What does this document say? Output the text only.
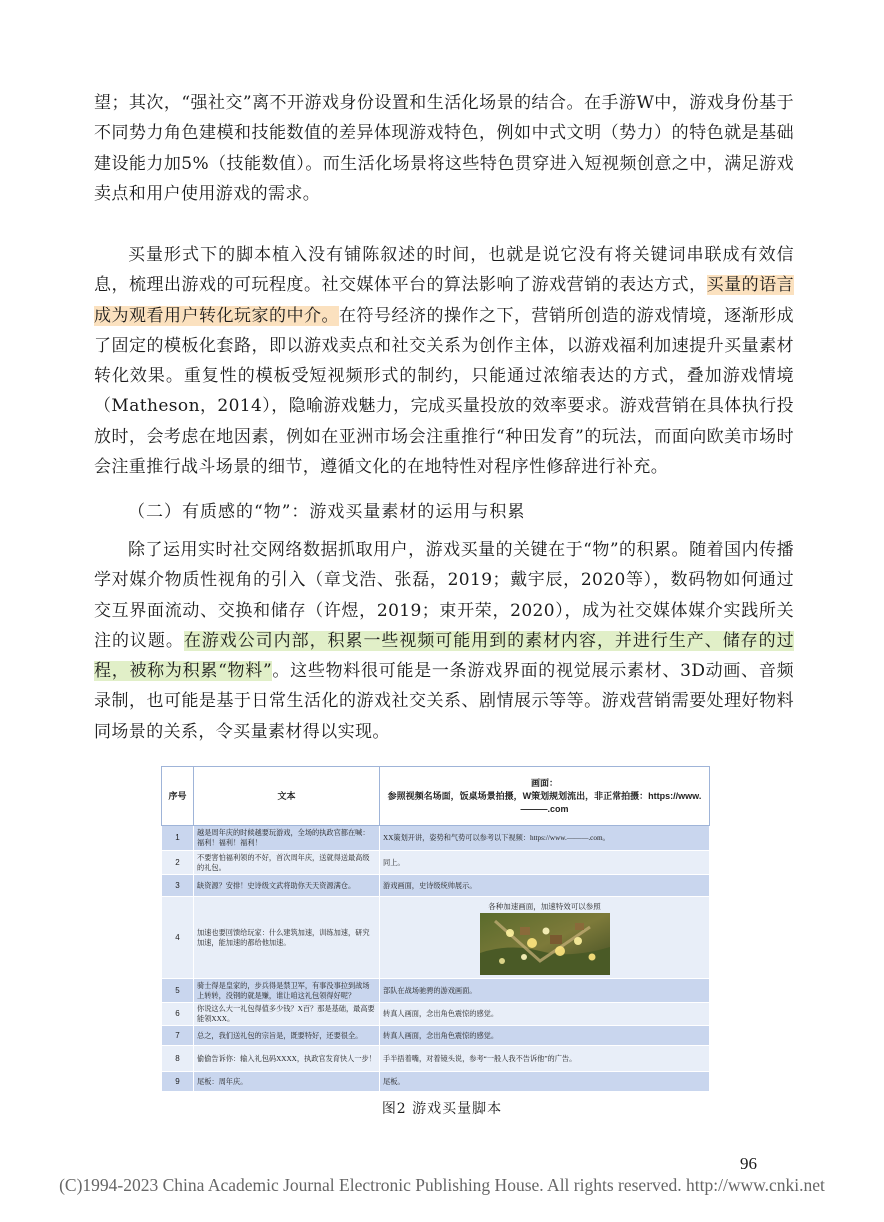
望；其次，“强社交”离不开游戏身份设置和生活化场景的结合。在手游W中，游戏身份基于不同势力角色建模和技能数值的差异体现游戏特色，例如中式文明（势力）的特色就是基础建设能力加5%（技能数值）。而生活化场景将这些特色贯穿进入短视频创意之中，满足游戏卖点和用户使用游戏的需求。

买量形式下的脚本植入没有铺陈叙述的时间，也就是说它没有将关键词串联成有效信息，梳理出游戏的可玩程度。社交媒体平台的算法影响了游戏营销的表达方式，买量的语言成为观看用户转化玩家的中介。在符号经济的操作之下，营销所创造的游戏情境，逐渐形成了固定的模板化套路，即以游戏卖点和社交关系为创作主体，以游戏福利加速提升买量素材转化效果。重复性的模板受短视频形式的制约，只能通过浓缩表达的方式，叠加游戏情境（Matheson，2014），隐喻游戏魅力，完成买量投放的效率要求。游戏营销在具体执行投放时，会考虑在地因素，例如在亚洲市场会注重推行“种田发育”的玩法，而面向欧美市场时会注重推行战斗场景的细节，遵循文化的在地特性对程序性修辞进行补充。

（二）有质感的“物”：游戏买量素材的运用与积累

除了运用实时社交网络数据抓取用户，游戏买量的关键在于“物”的积累。随着国内传播学对媒介物质性视角的引入（章戈浩、张磊，2019；戴宇辰，2020等），数码物如何通过交互界面流动、交换和储存（许煜，2019；束开荣，2020），成为社交媒体媒介实践所关注的议题。在游戏公司内部，积累一些视频可能用到的素材内容，并进行生产、储存的过程，被称为积累“物料”。这些物料很可能是一条游戏界面的视觉展示素材、3D动画、音频录制，也可能是基于日常生活化的游戏社交关系、剧情展示等等。游戏营销需要处理好物料同场景的关系，令买量素材得以实现。

序号	文本	画面：
参照视频名场面，饭桌场景拍摄，W策划规划流出，非正常拍摄：https://www.———.com
1	越是周年庆的时候越要玩游戏，全场的执政官都在喊：福利！福利！福利！	XX策划开讲，姿势和气势可以参考以下视频：https://www.———.com。
2	不要害怕福利领的不好，首次周年庆，送就得送最高级的礼包。	同上。
3	缺资源？安排！史诗级文武将助你天天资源满仓。	游戏画面，史诗级统帅展示。
4	加速也要回馈给玩家：什么建筑加速，训练加速，研究加速，能加速的都给他加速。	各种加速画面，加速特效可以参照

5	骑士得是皇家的，步兵得是禁卫军，有事没事拉到战场上转转，没钢的就是赚，谁让咱这礼包领得好呢？	部队在战场驰骋的游戏画面。
6	你说这么大一礼包得值多少钱？X百？那是基础，最高要能领XXX。	转真人画面，念出角色震惊的感觉。
7	总之，我们送礼包的宗旨是，既要特好，还要很全。	转真人画面，念出角色震惊的感觉。
8	偷偷告诉你：输入礼包码XXXX，执政官发育快人一步！	手半捂着嘴，对着镜头说，参考“一般人我不告诉他”的广告。
9	尾板：周年庆。	尾板。
图2 游戏买量脚本
96
(C)1994-2023 China Academic Journal Electronic Publishing House. All rights reserved. http://www.cnki.net
